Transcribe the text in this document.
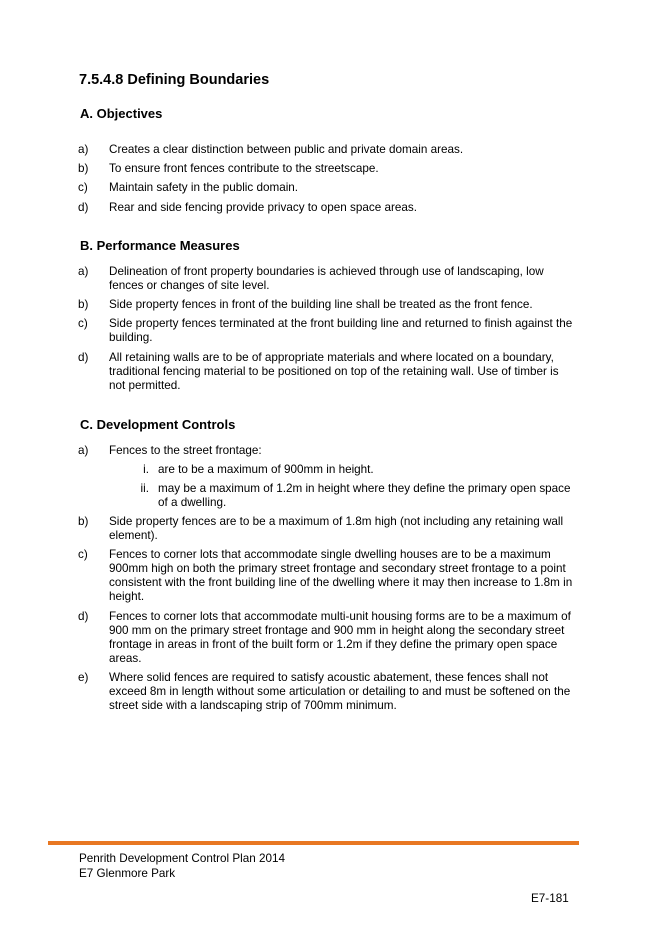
7.5.4.8 Defining Boundaries
A. Objectives
a) Creates a clear distinction between public and private domain areas.
b) To ensure front fences contribute to the streetscape.
c) Maintain safety in the public domain.
d) Rear and side fencing provide privacy to open space areas.
B. Performance Measures
a) Delineation of front property boundaries is achieved through use of landscaping, low fences or changes of site level.
b) Side property fences in front of the building line shall be treated as the front fence.
c) Side property fences terminated at the front building line and returned to finish against the building.
d) All retaining walls are to be of appropriate materials and where located on a boundary, traditional fencing material to be positioned on top of the retaining wall. Use of timber is not permitted.
C. Development Controls
a) Fences to the street frontage:
i. are to be a maximum of 900mm in height.
ii. may be a maximum of 1.2m in height where they define the primary open space of a dwelling.
b) Side property fences are to be a maximum of 1.8m high (not including any retaining wall element).
c) Fences to corner lots that accommodate single dwelling houses are to be a maximum 900mm high on both the primary street frontage and secondary street frontage to a point consistent with the front building line of the dwelling where it may then increase to 1.8m in height.
d) Fences to corner lots that accommodate multi-unit housing forms are to be a maximum of 900 mm on the primary street frontage and 900 mm in height along the secondary street frontage in areas in front of the built form or 1.2m if they define the primary open space areas.
e) Where solid fences are required to satisfy acoustic abatement, these fences shall not exceed 8m in length without some articulation or detailing to and must be softened on the street side with a landscaping strip of 700mm minimum.
Penrith Development Control Plan 2014
E7 Glenmore Park
E7-181
